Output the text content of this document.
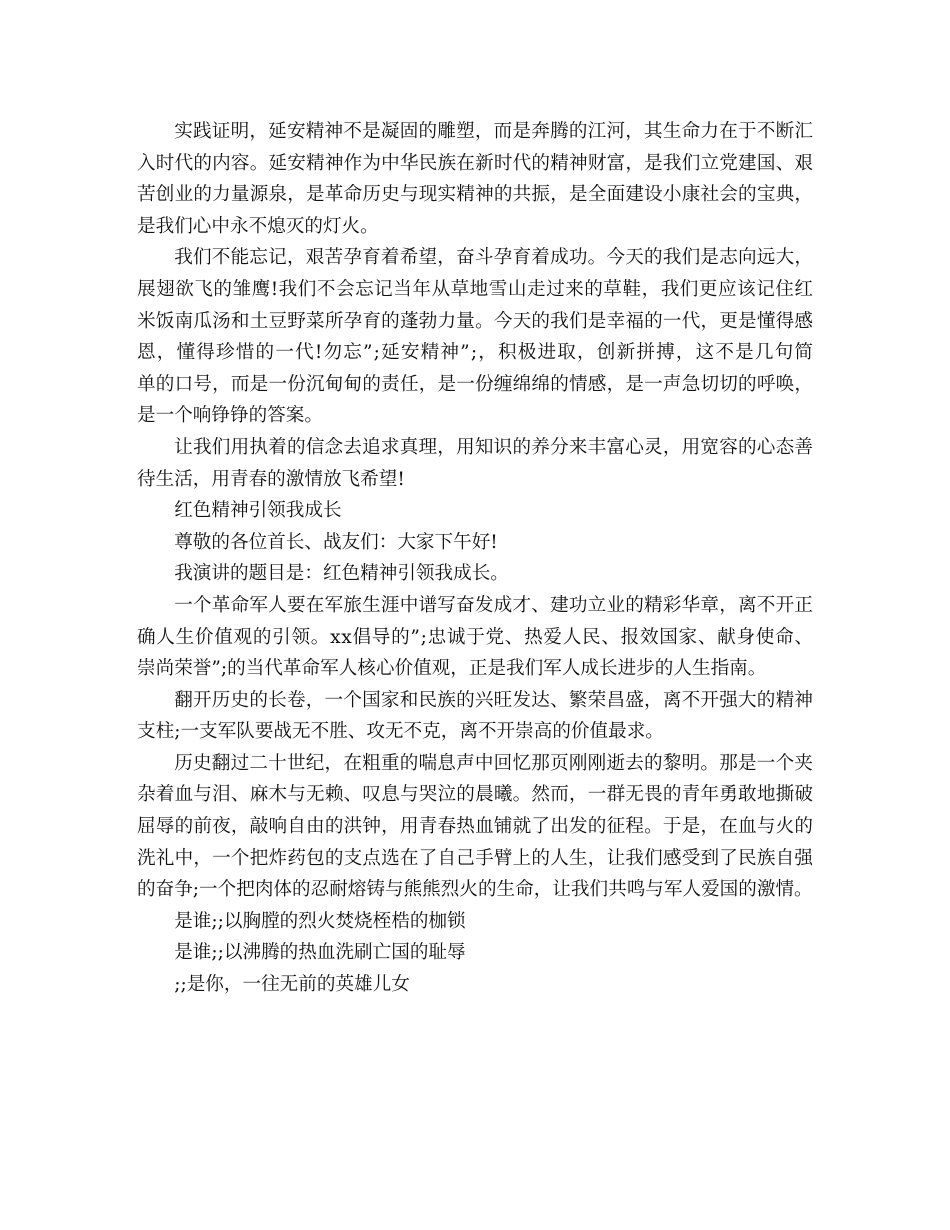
实践证明，延安精神不是凝固的雕塑，而是奔腾的江河，其生命力在于不断汇
入时代的内容。延安精神作为中华民族在新时代的精神财富，是我们立党建国、艰
苦创业的力量源泉，是革命历史与现实精神的共振，是全面建设小康社会的宝典，
是我们心中永不熄灭的灯火。
我们不能忘记，艰苦孕育着希望，奋斗孕育着成功。今天的我们是志向远大，
展翅欲飞的雏鹰!我们不会忘记当年从草地雪山走过来的草鞋，我们更应该记住红
米饭南瓜汤和土豆野菜所孕育的蓬勃力量。今天的我们是幸福的一代，更是懂得感
恩，懂得珍惜的一代!勿忘”;延安精神”;，积极进取，创新拼搏，这不是几句简
单的口号，而是一份沉甸甸的责任，是一份缠绵绵的情感，是一声急切切的呼唤，
是一个响铮铮的答案。
让我们用执着的信念去追求真理，用知识的养分来丰富心灵，用宽容的心态善
待生活，用青春的激情放飞希望!
红色精神引领我成长
尊敬的各位首长、战友们：大家下午好!
我演讲的题目是：红色精神引领我成长。
一个革命军人要在军旅生涯中谱写奋发成才、建功立业的精彩华章，离不开正
确人生价值观的引领。xx倡导的”;忠诚于党、热爱人民、报效国家、献身使命、
崇尚荣誉”;的当代革命军人核心价值观，正是我们军人成长进步的人生指南。
翻开历史的长卷，一个国家和民族的兴旺发达、繁荣昌盛，离不开强大的精神
支柱;一支军队要战无不胜、攻无不克，离不开崇高的价值最求。
历史翻过二十世纪，在粗重的喘息声中回忆那页刚刚逝去的黎明。那是一个夹
杂着血与泪、麻木与无赖、叹息与哭泣的晨曦。然而，一群无畏的青年勇敢地撕破
屈辱的前夜，敲响自由的洪钟，用青春热血铺就了出发的征程。于是，在血与火的
洗礼中，一个把炸药包的支点选在了自己手臂上的人生，让我们感受到了民族自强
的奋争;一个把肉体的忍耐熔铸与熊熊烈火的生命，让我们共鸣与军人爱国的激情。
是谁;;以胸膛的烈火焚烧桎梏的枷锁
是谁;;以沸腾的热血洗刷亡国的耻辱
;;是你，一往无前的英雄儿女
